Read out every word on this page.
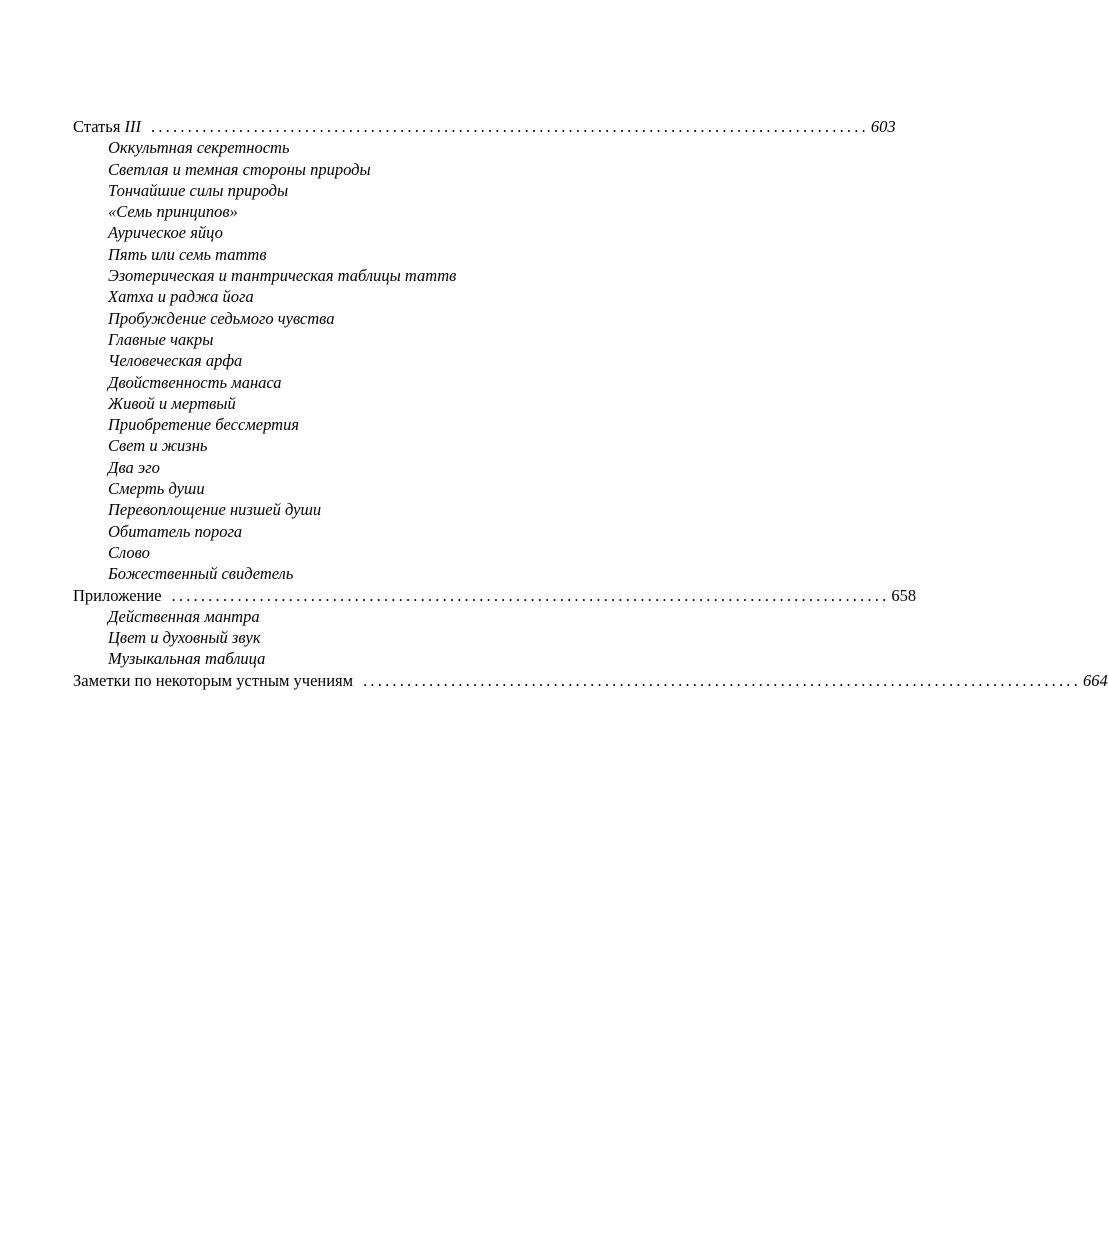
Статья III .................................................................................................. 603
Оккультная секретность
Светлая и темная стороны природы
Тончайшие силы природы
«Семь принципов»
Аурическое яйцо
Пять или семь таттв
Эзотерическая и тантрическая таблицы таттв
Хатха и раджа йога
Пробуждение седьмого чувства
Главные чакры
Человеческая арфа
Двойственность манаса
Живой и мертвый
Приобретение бессмертия
Свет и жизнь
Два эго
Смерть души
Перевоплощение низшей души
Обитатель порога
Слово
Божественный свидетель
Приложение .................................................................................................. 658
Действенная мантра
Цвет и духовный звук
Музыкальная таблица
Заметки по некоторым устным учениям .................................................................................................. 664
